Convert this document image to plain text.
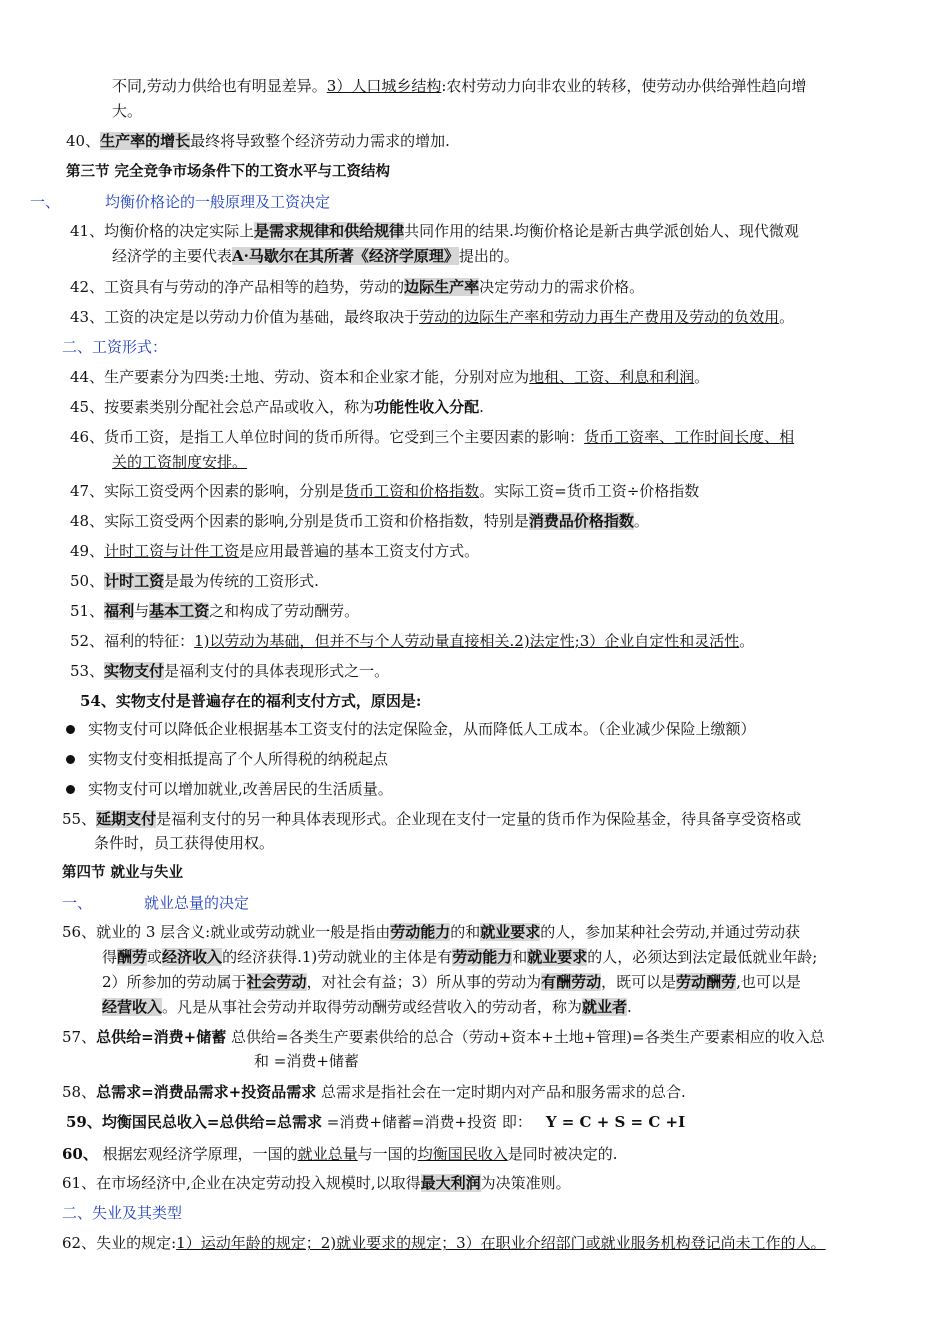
不同,劳动力供给也有明显差异。3）人口城乡结构:农村劳动力向非农业的转移，使劳动办供给弹性趋向增
大。
40、生产率的增长最终将导致整个经济劳动力需求的增加.
第三节 完全竞争市场条件下的工资水平与工资结构
一、	均衡价格论的一般原理及工资决定
41、均衡价格的决定实际上是需求规律和供给规律共同作用的结果.均衡价格论是新古典学派创始人、现代微观
经济学的主要代表A·马歇尔在其所著《经济学原理》提出的。
42、工资具有与劳动的净产品相等的趋势，劳动的边际生产率决定劳动力的需求价格。
43、工资的决定是以劳动力价值为基础，最终取决于劳动的边际生产率和劳动力再生产费用及劳动的负效用。
二、工资形式：
44、生产要素分为四类:土地、劳动、资本和企业家才能，分别对应为地租、工资、利息和利润。
45、按要素类别分配社会总产品或收入，称为功能性收入分配.
46、货币工资，是指工人单位时间的货币所得。它受到三个主要因素的影响：货币工资率、工作时间长度、相
关的工资制度安排。
47、实际工资受两个因素的影响，分别是货币工资和价格指数。实际工资=货币工资÷价格指数
48、实际工资受两个因素的影响,分别是货币工资和价格指数，特别是消费品价格指数。
49、计时工资与计件工资是应用最普遍的基本工资支付方式。
50、计时工资是最为传统的工资形式.
51、福利与基本工资之和构成了劳动酬劳。
52、福利的特征：1)以劳动为基础，但并不与个人劳动量直接相关.2)法定性;3）企业自定性和灵活性。
53、实物支付是福利支付的具体表现形式之一。
54、实物支付是普遍存在的福利支付方式，原因是:
实物支付可以降低企业根据基本工资支付的法定保险金，从而降低人工成本。（企业减少保险上缴额）
实物支付变相抵提高了个人所得税的纳税起点
实物支付可以增加就业,改善居民的生活质量。
55、延期支付是福利支付的另一种具体表现形式。企业现在支付一定量的货币作为保险基金，待具备享受资格或
条件时，员工获得使用权。
第四节 就业与失业
一、	就业总量的决定
56、就业的 3 层含义:就业或劳动就业一般是指由劳动能力的和就业要求的人，参加某种社会劳动,并通过劳动获
得酬劳或经济收入的经济获得.1)劳动就业的主体是有劳动能力和就业要求的人，必须达到法定最低就业年龄;
2）所参加的劳动属于社会劳动，对社会有益；3）所从事的劳动为有酬劳动，既可以是劳动酬劳,也可以是
经营收入。凡是从事社会劳动并取得劳动酬劳或经营收入的劳动者，称为就业者.
57、总供给=消费+储蓄 总供给=各类生产要素供给的总合（劳动+资本+土地+管理)=各类生产要素相应的收入总
和 =消费+储蓄
58、总需求=消费品需求+投资品需求 总需求是指社会在一定时期内对产品和服务需求的总合.
59、均衡国民总收入=总供给=总需求 =消费+储蓄=消费+投资 即： Y = C + S = C +I
60、 根据宏观经济学原理，一国的就业总量与一国的均衡国民收入是同时被决定的.
61、在市场经济中,企业在决定劳动投入规模时,以取得最大利润为决策准则。
二、失业及其类型
62、失业的规定:1）运动年龄的规定；2)就业要求的规定；3）在职业介绍部门或就业服务机构登记尚未工作的人。
